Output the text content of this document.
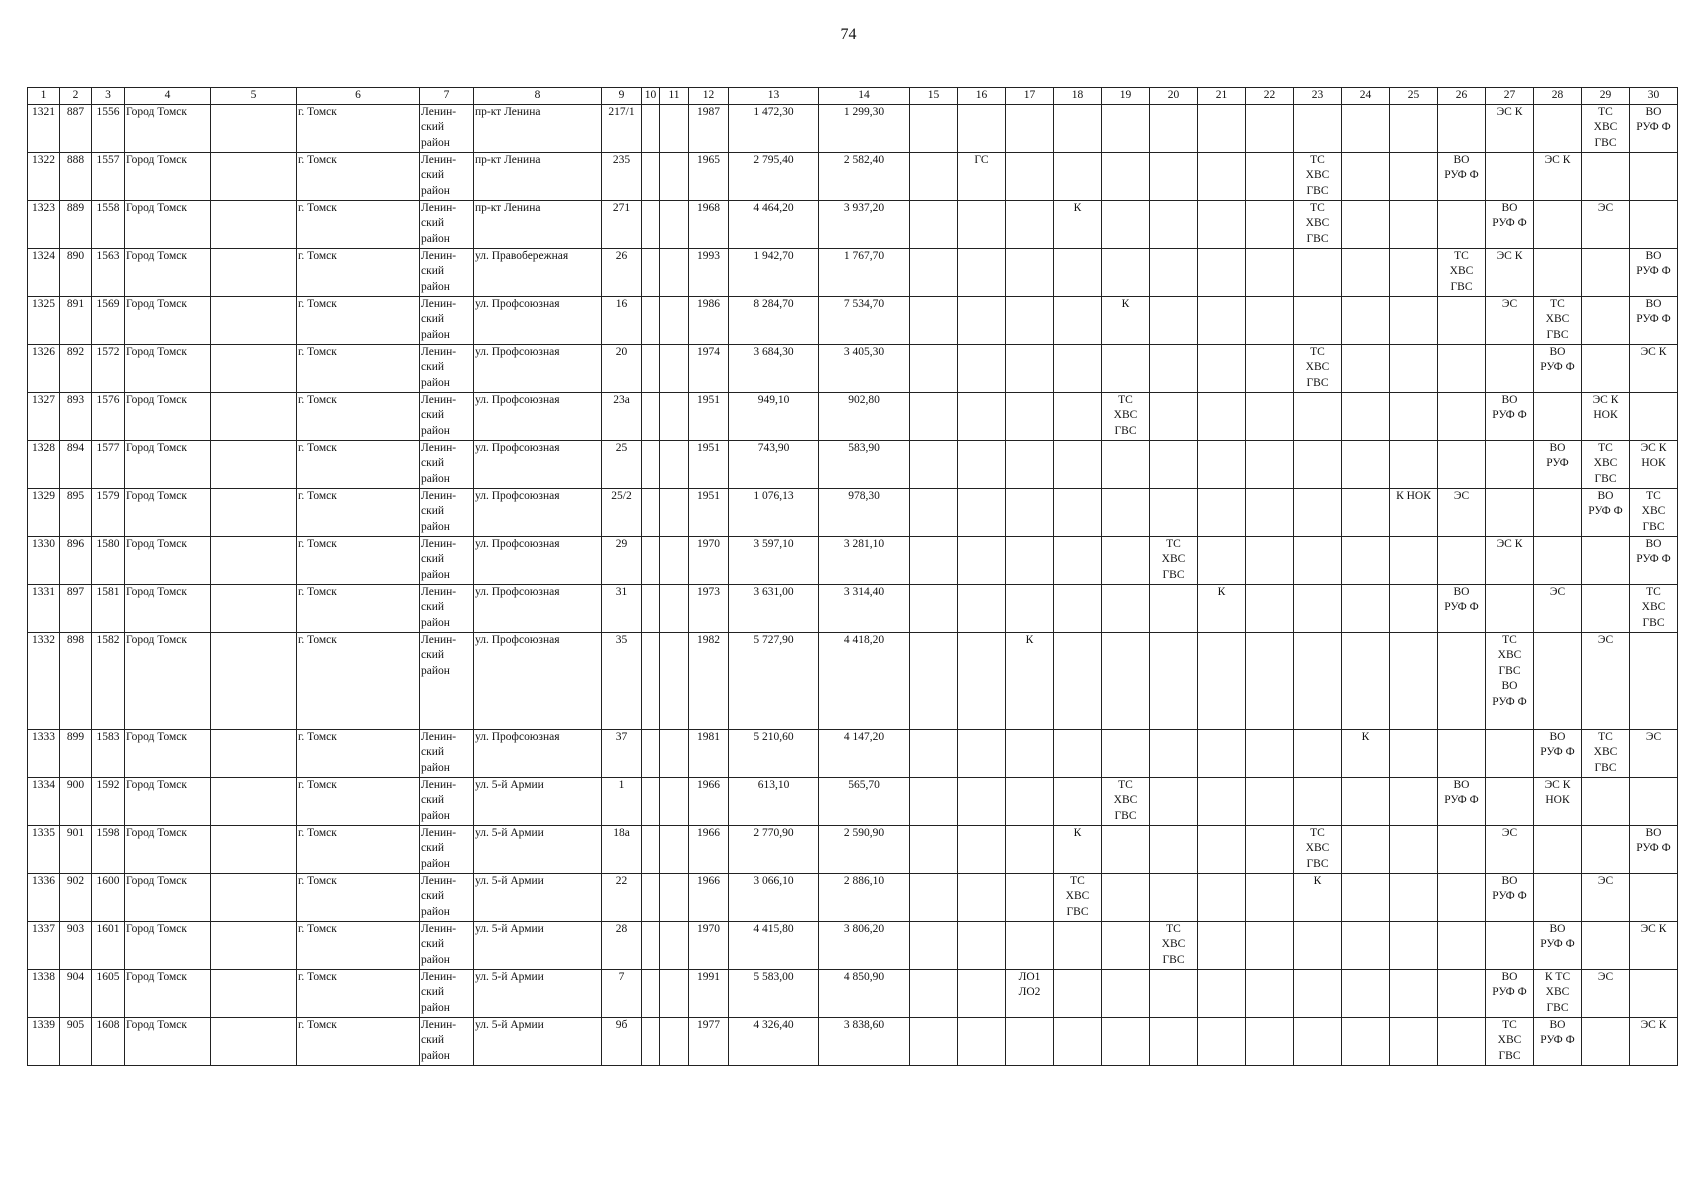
74
1	2	3	4	5	6	7	8	9	10	11	12	13	14	15	16	17	18	19	20	21	22	23	24	25	26	27	28	29	30
1321	887	1556	Город Томск		г. Томск	Ленин-
ский
район	пр-кт Ленина	217/1			1987	1 472,30	1 299,30													ЭС К		ТС
ХВС
ГВС	ВО
РУФ Ф
1322	888	1557	Город Томск		г. Томск	Ленин-
ский
район	пр-кт Ленина	235			1965	2 795,40	2 582,40		ГС							ТС
ХВС
ГВС			ВО
РУФ Ф		ЭС К		
1323	889	1558	Город Томск		г. Томск	Ленин-
ский
район	пр-кт Ленина	271			1968	4 464,20	3 937,20				К					ТС
ХВС
ГВС				ВО
РУФ Ф		ЭС	
1324	890	1563	Город Томск		г. Томск	Ленин-
ский
район	ул. Правобережная	26			1993	1 942,70	1 767,70												ТС
ХВС
ГВС	ЭС К			ВО
РУФ Ф
1325	891	1569	Город Томск		г. Томск	Ленин-
ский
район	ул. Профсоюзная	16			1986	8 284,70	7 534,70					К								ЭС	ТС
ХВС
ГВС		ВО
РУФ Ф
1326	892	1572	Город Томск		г. Томск	Ленин-
ский
район	ул. Профсоюзная	20			1974	3 684,30	3 405,30									ТС
ХВС
ГВС					ВО
РУФ Ф		ЭС К
1327	893	1576	Город Томск		г. Томск	Ленин-
ский
район	ул. Профсоюзная	23а			1951	949,10	902,80					ТС
ХВС
ГВС								ВО
РУФ Ф		ЭС К
НОК	
1328	894	1577	Город Томск		г. Томск	Ленин-
ский
район	ул. Профсоюзная	25			1951	743,90	583,90														ВО
РУФ	ТС
ХВС
ГВС	ЭС К
НОК
1329	895	1579	Город Томск		г. Томск	Ленин-
ский
район	ул. Профсоюзная	25/2			1951	1 076,13	978,30											К НОК	ЭС			ВО
РУФ Ф	ТС
ХВС
ГВС
1330	896	1580	Город Томск		г. Томск	Ленин-
ский
район	ул. Профсоюзная	29			1970	3 597,10	3 281,10						ТС
ХВС
ГВС							ЭС К			ВО
РУФ Ф
1331	897	1581	Город Томск		г. Томск	Ленин-
ский
район	ул. Профсоюзная	31			1973	3 631,00	3 314,40							К					ВО
РУФ Ф		ЭС		ТС
ХВС
ГВС
1332	898	1582	Город Томск		г. Томск	Ленин-
ский
район	ул. Профсоюзная	35			1982	5 727,90	4 418,20			К										ТС
ХВС
ГВС
ВО
РУФ Ф		ЭС	
1333	899	1583	Город Томск		г. Томск	Ленин-
ский
район	ул. Профсоюзная	37			1981	5 210,60	4 147,20										К				ВО
РУФ Ф	ТС
ХВС
ГВС	ЭС
1334	900	1592	Город Томск		г. Томск	Ленин-
ский
район	ул. 5-й Армии	1			1966	613,10	565,70					ТС
ХВС
ГВС							ВО
РУФ Ф		ЭС К
НОК		
1335	901	1598	Город Томск		г. Томск	Ленин-
ский
район	ул. 5-й Армии	18а			1966	2 770,90	2 590,90				К					ТС
ХВС
ГВС				ЭС			ВО
РУФ Ф
1336	902	1600	Город Томск		г. Томск	Ленин-
ский
район	ул. 5-й Армии	22			1966	3 066,10	2 886,10				ТС
ХВС
ГВС					К				ВО
РУФ Ф		ЭС	
1337	903	1601	Город Томск		г. Томск	Ленин-
ский
район	ул. 5-й Армии	28			1970	4 415,80	3 806,20						ТС
ХВС
ГВС								ВО
РУФ Ф		ЭС К
1338	904	1605	Город Томск		г. Томск	Ленин-
ский
район	ул. 5-й Армии	7			1991	5 583,00	4 850,90			ЛО1
ЛО2										ВО
РУФ Ф	К ТС
ХВС
ГВС	ЭС	
1339	905	1608	Город Томск		г. Томск	Ленин-
ский
район	ул. 5-й Армии	9б			1977	4 326,40	3 838,60													ТС
ХВС
ГВС	ВО
РУФ Ф		ЭС К
